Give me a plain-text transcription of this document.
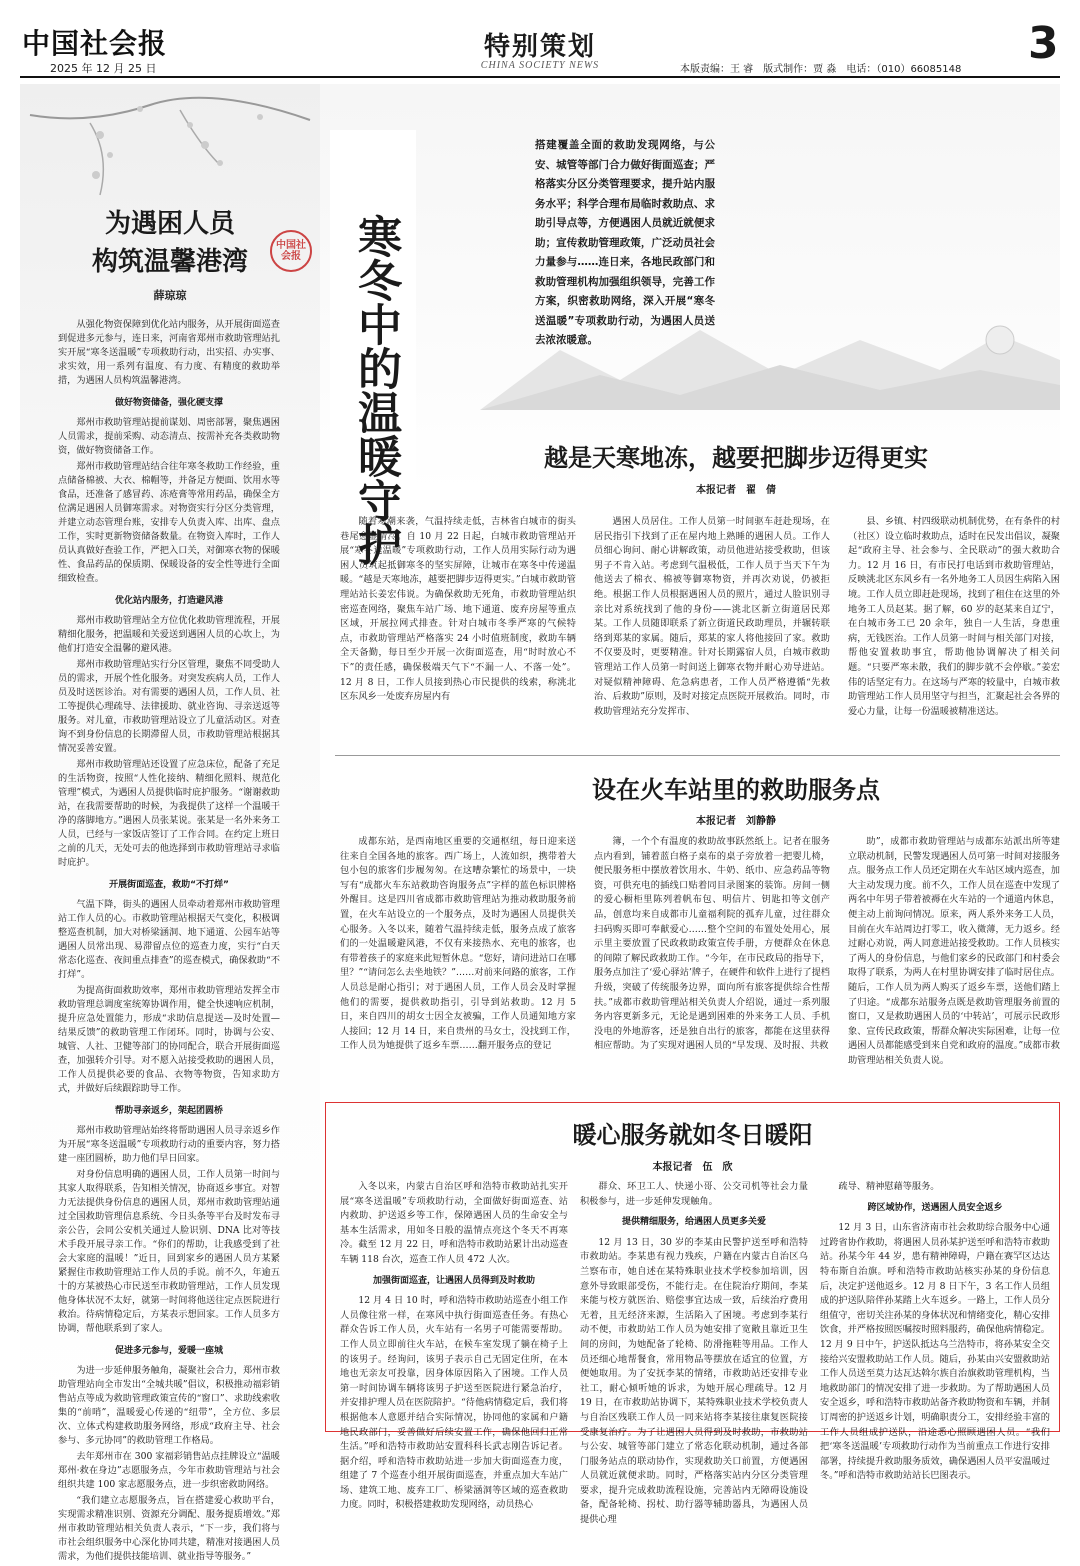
中国社会报
2025 年 12 月 25 日
特别策划
CHINA SOCIETY NEWS	本版责编：王 睿　版式制作：贾 淼　电话：（010）66085148
3
寒冬中的温暖守护
搭建覆盖全面的救助发现网络，与公安、城管等部门合力做好街面巡查；严格落实分区分类管理要求，提升站内服务水平；科学合理布局临时救助点、求助引导点等，方便遇困人员就近就便求助；宣传救助管理政策，广泛动员社会力量参与……连日来，各地民政部门和救助管理机构加强组织领导，完善工作方案，织密救助网络，深入开展“寒冬送温暖”专项救助行动，为遇困人员送去浓浓暖意。
为遇困人员
构筑温馨港湾
薛琼琼

从强化物资保障到优化站内服务，从开展街面巡查到促进多元参与，连日来，河南省郑州市救助管理站扎实开展“寒冬送温暖”专项救助行动，出实招、办实事、求实效，用一系列有温度、有力度、有精度的救助举措，为遇困人员构筑温馨港湾。

做好物资储备，强化硬支撑

郑州市救助管理站提前谋划、周密部署，聚焦遇困人员需求，提前采购、动态清点、按需补充各类救助物资，做好物资储备工作。

郑州市救助管理站结合往年寒冬救助工作经验，重点储备棉被、大衣、棉帽等，并备足方便面、饮用水等食品，还准备了感冒药、冻疮膏等常用药品，确保全方位满足遇困人员御寒需求。对物资实行分区分类管理，并建立动态管理台账，安排专人负责入库、出库、盘点工作，实时更新物资储备数量。在物资入库时，工作人员认真做好查验工作，严把入口关，对御寒衣物的保暖性、食品药品的保质期、保暖设备的安全性等进行全面细致检查。

优化站内服务，打造避风港

郑州市救助管理站全方位优化救助管理流程，开展精细化服务，把温暖和关爱送到遇困人员的心坎上，为他们打造安全温馨的避风港。

郑州市救助管理站实行分区管理，聚焦不同受助人员的需求，开展个性化服务。对突发疾病人员，工作人员及时送医诊治。对有需要的遇困人员，工作人员、社工等提供心理疏导、法律援助、就业咨询、寻亲送返等服务。对儿童，市救助管理站设立了儿童活动区。对查询不到身份信息的长期滞留人员，市救助管理站根据其情况妥善安置。

郑州市救助管理站还设置了应急床位，配备了充足的生活物资，按照“人性化接纳、精细化照料、规范化管理”模式，为遇困人员提供临时庇护服务。“谢谢救助站，在我需要帮助的时候，为我提供了这样一个温暖干净的落脚地方。”遇困人员张某说。张某是一名外来务工人员，已经与一家饭店签订了工作合同。在约定上班日之前的几天，无处可去的他选择到市救助管理站寻求临时庇护。

开展街面巡查，救助“不打烊”

气温下降，街头的遇困人员牵动着郑州市救助管理站工作人员的心。市救助管理站根据天气变化，积极调整巡查机制，加大对桥梁涵洞、地下通道、公园车站等遇困人员常出现、易滞留点位的巡查力度，实行“白天常态化巡查、夜间重点排查”的巡查模式，确保救助“不打烊”。

为提高街面救助效率，郑州市救助管理站发挥全市救助管理总调度室统筹协调作用，健全快速响应机制，提升应急处置能力，形成“求助信息提送—及时处置—结果反馈”的救助管理工作闭环。同时，协调与公安、城管、人社、卫健等部门的协同配合，联合开展街面巡查，加强转介引导。对不愿入站接受救助的遇困人员，工作人员提供必要的食品、衣物等物资，告知求助方式，并做好后续跟踪助导工作。

帮助寻亲返乡，架起团圆桥

郑州市救助管理站始终将帮助遇困人员寻亲返乡作为开展“寒冬送温暖”专项救助行动的重要内容，努力搭建一座团圆桥，助力他们早日回家。

对身份信息明确的遇困人员，工作人员第一时间与其家人取得联系，告知相关情况，协商返乡事宜。对智力无法提供身份信息的遇困人员，郑州市救助管理站通过全国救助管理信息系统、今日头条等平台及时发布寻亲公告，会同公安机关通过人脸识别、DNA 比对等技术手段开展寻亲工作。“你们的帮助，让我感受到了社会大家庭的温暖！”近日，回到家乡的遇困人员方某紧紧握住市救助管理站工作人员的手说。前不久，年逾五十的方某被热心市民送至市救助管理站，工作人员发现他身体状况不太好，就第一时间将他送往定点医院进行救治。待病情稳定后，方某表示想回家。工作人员多方协调，帮他联系到了家人。

促进多元参与，爱暖一座城

为进一步延伸服务触角，凝聚社会合力，郑州市救助管理站向全市发出“全城共暖”倡议，积极推动福彩销售站点等成为救助管理政策宣传的“窗口”、求助线索收集的“前哨”，温暖爱心传递的“纽带”，全方位、多层次、立体式构建救助服务网络，形成“政府主导、社会参与、多元协同”的救助管理工作格局。

去年郑州市在 300 家福彩销售站点挂牌设立“温暖郑州·救在身边”志愿服务点，今年市救助管理站与社会组织共建 100 家志愿服务点，进一步织密救助网络。

“我们建立志愿服务点，旨在搭建爱心救助平台，实现需求精准识别、资源充分调配、服务提质增效。”郑州市救助管理站相关负责人表示，“下一步，我们将与市社会组织服务中心深化协同共建，精准对接遇困人员需求，为他们提供技能培训、就业指导等服务。”

越是天寒地冻，越要把脚步迈得更实
本报记者　翟　倩

随着寒潮来袭，气温持续走低，吉林省白城市的街头巷尾愈显清冷。自 10 月 22 日起，白城市救助管理站开展“寒冬送温暖”专项救助行动，工作人员用实际行动为遇困人员筑起抵御寒冬的坚实屏障，让城市在寒冬中传递温暖。“越是天寒地冻，越要把脚步迈得更实。”白城市救助管理站站长姜宏伟说。为确保救助无死角，市救助管理站织密巡查网络，聚焦车站广场、地下通道、废弃房屋等重点区域，开展拉网式排查。针对白城市冬季严寒的气候特点，市救助管理站严格落实 24 小时值班制度，救助车辆全天备勤，每日至少开展一次街面巡查，用“时时放心不下”的责任感，确保极端天气下“不漏一人、不落一处”。12 月 8 日，工作人员接到热心市民提供的线索，称洮北区东风乡一处废弃房屋内有

遇困人员居住。工作人员第一时间驱车赶赴现场，在居民指引下找到了正在屋内地上熟睡的遇困人员。工作人员细心询问、耐心讲解政策，动员他进站接受救助，但该男子不肯入站。考虑到气温极低，工作人员于当天下午为他送去了棉衣、棉被等御寒物资，并再次劝说，仍被拒绝。根据工作人员根据遇困人员的照片，通过人脸识别寻亲比对系统找到了他的身份——洮北区新立街道居民郑某。工作人员随即联系了新立街道民政助理员，并辗转联络到郑某的家属。随后，郑某的家人将他接回了家。救助不仅要及时，更要精准。针对长期露宿人员，白城市救助管理站工作人员第一时间送上御寒衣物并耐心劝导进站。对疑似精神障碍、危急病患者，工作人员严格遵循“先救治、后救助”原则，及时对接定点医院开展救治。同时，市救助管理站充分发挥市、

县、乡镇、村四级联动机制优势，在有条件的村（社区）设立临时救助点，适时在民发出倡议，凝聚起“政府主导、社会参与、全民联动”的强大救助合力。12 月 16 日，有市民打电话到市救助管理站，反映洮北区东风乡有一名外地务工人员因生病陷入困境。工作人员立即赶赴现场，找到了租住在这里的外地务工人员赵某。据了解，60 岁的赵某来自辽宁，在白城市务工已 20 余年，独自一人生活，身患重病，无钱医治。工作人员第一时间与相关部门对接，帮他安置救助事宜，帮助他协调解决了相关问题。“只要严寒未散，我们的脚步就不会停歇。”姜宏伟的话坚定有力。在这场与严寒的较量中，白城市救助管理站工作人员用坚守与担当，汇聚起社会各界的爱心力量，让每一份温暖被精准送达。

设在火车站里的救助服务点
本报记者　刘静静

成都东站，是西南地区重要的交通枢纽，每日迎来送往来自全国各地的旅客。西广场上，人流如织，携带着大包小包的旅客们步履匆匆。在这嘈杂繁忙的场景中，一块写有“成都火车东站救助咨询服务点”字样的蓝色标识牌格外醒目。这是四川省成都市救助管理站为推动救助服务前置，在火车站设立的一个服务点，及时为遇困人员提供关心服务。入冬以来，随着气温持续走低，服务点成了旅客们的一处温暖避风港，不仅有来接热水、充电的旅客，也有带着孩子的家庭来此短暂休息。“您好，请问进站口在哪里？”“请问怎么去坐地铁？”……对前来问路的旅客，工作人员总是耐心指引；对于遇困人员，工作人员会及时掌握他们的需要，提供救助指引，引导到站救助。12 月 5 日，来自四川的胡女士因全友被骗，工作人员通知地方家人接回；12 月 14 日，来自贵州的马女士，没找到工作，工作人员为她提供了返乡车票……翻开服务点的登记

簿，一个个有温度的救助故事跃然纸上。记者在服务点内看到，铺着蓝白格子桌布的桌子旁放着一把婴儿椅，便民服务柜中摆放着饮用水、牛奶、纸巾、应急药品等物资，可供充电的插线口贴着同目录图案的装饰。房间一侧的爱心橱柜里陈列着帆布包、明信片、钥匙扣等文创产品，创意均来自成都市儿童福利院的孤弃儿童，过往群众扫码购买即可奉献爱心……整个空间的布置处处用心，展示里主要放置了民政救助政策宣传手册，方便群众在休息的间隙了解民政救助工作。“今年，在市民政局的指导下，服务点加注了‘爱心驿站’牌子，在硬件和软件上进行了提档升级，突破了传统服务边界，面向所有旅客提供综合性帮扶。”成都市救助管理站相关负责人介绍说，通过一系列服务内容更新多元，无论是遇到困难的外来务工人员、手机没电的外地游客，还是独自出行的旅客，都能在这里获得相应帮助。为了实现对遇困人员的“早发现、及时报、共救

助”，成都市救助管理站与成都东站派出所等建立联动机制，民警发现遇困人员可第一时间对接服务点。服务点工作人员还定期在火车站区域内巡查，加大主动发现力度。前不久，工作人员在巡查中发现了两名中年男子带着被褥在火车站的一个通道内休息，便主动上前询问情况。原来，两人系外来务工人员，目前在火车站周边打零工，收入微薄，无力返乡。经过耐心劝说，两人同意进站接受救助。工作人员核实了两人的身份信息，与他们家乡的民政部门和村委会取得了联系，为两人在村里协调安排了临时居住点。随后，工作人员为两人购买了返乡车票，送他们踏上了归途。“成都东站服务点既是救助管理服务前置的窗口，又是救助遇困人员的‘中转站’，可展示民政形象、宣传民政政策，帮群众解决实际困难，让每一位遇困人员都能感受到来自党和政府的温度。”成都市救助管理站相关负责人说。

暖心服务就如冬日暖阳
本报记者　伍　欣

入冬以来，内蒙古自治区呼和浩特市救助站扎实开展“寒冬送温暖”专项救助行动，全面做好街面巡查、站内救助、护送返乡等工作，保障遇困人员的生命安全与基本生活需求，用如冬日般的温情点亮这个冬天不再寒冷。截至 12 月 22 日，呼和浩特市救助站累计出动巡查车辆 118 台次，巡查工作人员 472 人次。

加强街面巡查，让遇困人员得到及时救助

12 月 4 日 10 时，呼和浩特市救助站巡查小组工作人员像往常一样，在寒风中执行街面巡查任务。有热心群众告诉工作人员，火车站有一名男子可能需要帮助。工作人员立即前往火车站，在候车室发现了躺在椅子上的该男子。经询问，该男子表示自己无固定住所，在本地也无亲友可投靠，因身体原因陷入了困境。工作人员第一时间协调车辆将该男子护送至医院进行紧急治疗，并安排护理人员在医院陪护。“待他病情稳定后，我们将根据他本人意愿并结合实际情况，协同他的家属和户籍地民政部门，妥善做好后续安置工作，确保他回归正常生活。”呼和浩特市救助站安置科科长武志刚告诉记者。据介绍，呼和浩特市救助站进一步加大街面巡查力度，组建了 7 个巡查小组开展街面巡查，并重点加大车站广场、建筑工地、废弃工厂、桥梁涵洞等区域的巡查救助力度。同时，积极搭建救助发现网络，动员热心

群众、环卫工人、快递小哥、公交司机等社会力量积极参与，进一步延伸发现触角。

提供精细服务，给遇困人员更多关爱

12 月 13 日，30 岁的李某由民警护送至呼和浩特市救助站。李某患有视力残疾，户籍在内蒙古自治区乌兰察布市，她自述在某特殊职业技术学校参加培训，因意外导致眼部受伤，不能行走。在住院治疗期间，李某来能与校方就医治、赔偿事宜达成一致，后续治疗费用无着，且无经济来源，生活陷入了困境。考虑到李某行动不便，市救助站工作人员为她安排了宽敞且靠近卫生间的房间，为她配备了轮椅、防滑拖鞋等用品。工作人员还细心地帮餐食，常用物品等摆放在适宜的位置，方便她取用。为了安抚李某的情绪，市救助站还安排专业社工，耐心倾听她的诉求，为她开展心理疏导。12 月 19 日，在市救助站协调下，某特殊职业技术学校负责人与自治区残联工作人员一同来站将李某接往康复医院接受康复治疗。为了让遇困人员得到及时救助，市救助站与公安、城管等部门建立了常态化联动机制，通过各部门服务站点的联动协作，实现救助关口前置，方便遇困人员就近就便求助。同时，严格落实站内分区分类管理要求，提升完成救助流程设施，完善站内无障碍设施设备，配备轮椅、拐杖、助行器等辅助器具，为遇困人员提供心理

疏导、精神慰藉等服务。

跨区域协作，送遇困人员安全返乡

12 月 3 日，山东省济南市社会救助综合服务中心通过跨省协作救助，将遇困人员孙某护送至呼和浩特市救助站。孙某今年 44 岁，患有精神障碍，户籍在赛罕区达达特布斯自治旗。呼和浩特市救助站核实孙某的身份信息后，决定护送他返乡。12 月 8 日下午，3 名工作人员组成的护送队陪伴孙某踏上火车返乡。一路上，工作人员分组值守，密切关注孙某的身体状况和情绪变化，精心安排饮食，并严格按照医嘱按时照料服药，确保他病情稳定。12 月 9 日中午，护送队抵达乌兰浩特市，将孙某安全交接给兴安盟救助站工作人员。随后，孙某由兴安盟救助站工作人员送至莫力达瓦达斡尔族自治旗救助管理机构，当地救助部门的情况安排了进一步救助。为了帮助遇困人员安全返乡，呼和浩特市救助站备齐救助物资和车辆，并制订周密的护送返乡计划，明确职责分工，安排经验丰富的工作人员组成护送队，沿途悉心照顾遇困人员。“我们把‘寒冬送温暖’专项救助行动作为当前重点工作进行安排部署，持续提升救助服务质效，确保遇困人员平安温暖过冬。”呼和浩特市救助站站长巴图表示。

中国社会报
